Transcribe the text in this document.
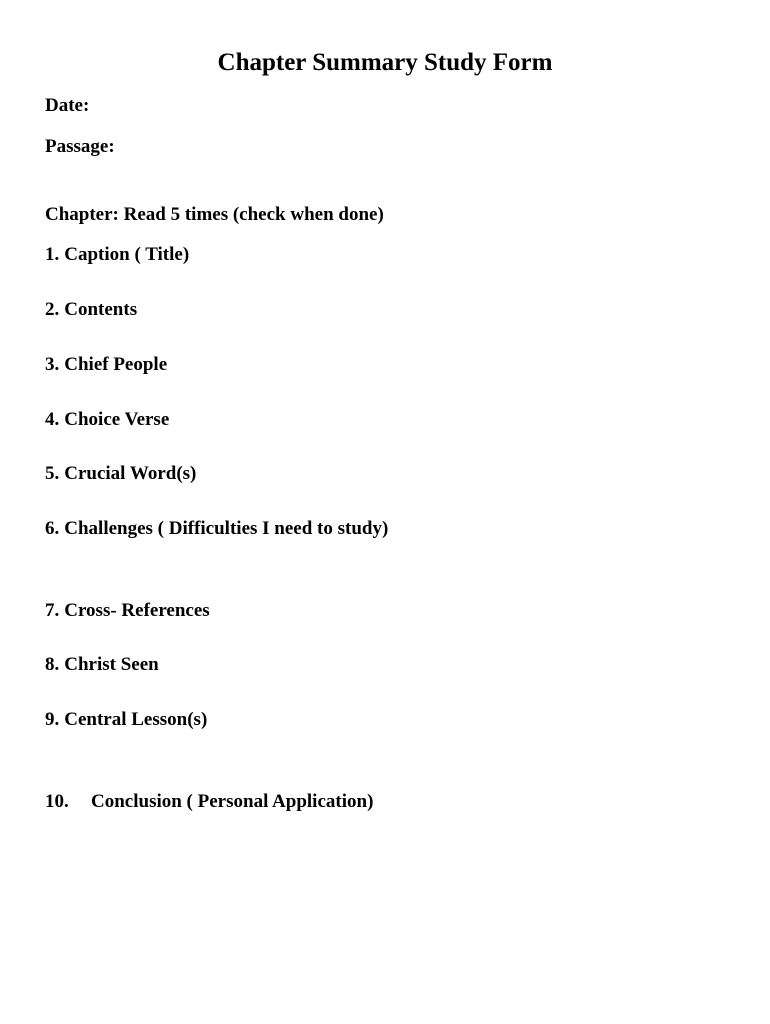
Chapter Summary Study Form
Date:
Passage:
Chapter: Read 5 times (check when done)
1. Caption ( Title)
2. Contents
3. Chief People
4. Choice Verse
5. Crucial Word(s)
6. Challenges ( Difficulties I need to study)
7. Cross- References
8. Christ Seen
9. Central Lesson(s)
10. Conclusion ( Personal Application)
